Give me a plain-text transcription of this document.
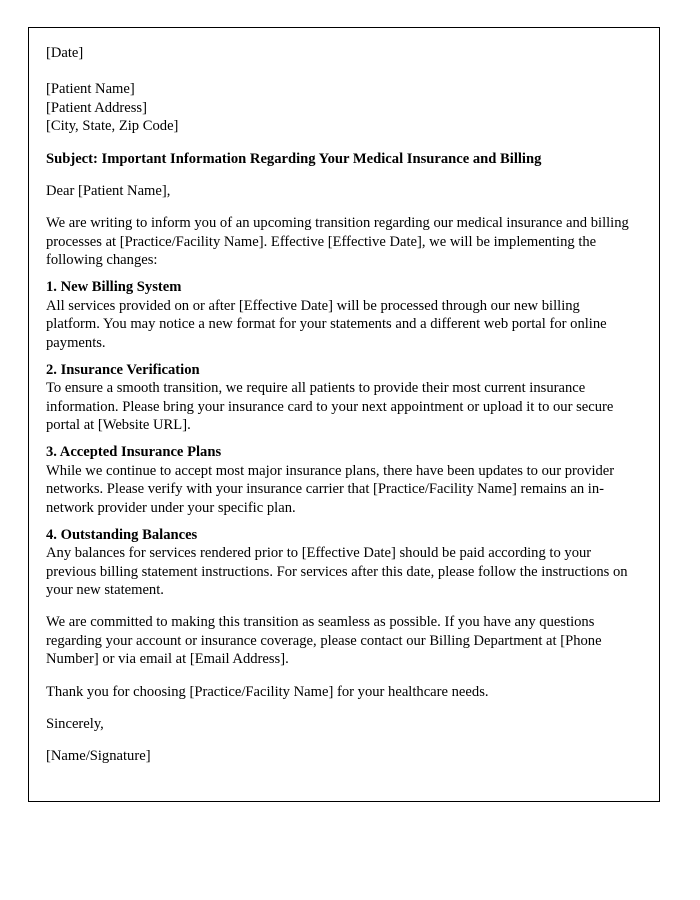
[Date]
[Patient Name]
[Patient Address]
[City, State, Zip Code]
Subject: Important Information Regarding Your Medical Insurance and Billing
Dear [Patient Name],
We are writing to inform you of an upcoming transition regarding our medical insurance and billing processes at [Practice/Facility Name]. Effective [Effective Date], we will be implementing the following changes:
1. New Billing System
All services provided on or after [Effective Date] will be processed through our new billing platform. You may notice a new format for your statements and a different web portal for online payments.
2. Insurance Verification
To ensure a smooth transition, we require all patients to provide their most current insurance information. Please bring your insurance card to your next appointment or upload it to our secure portal at [Website URL].
3. Accepted Insurance Plans
While we continue to accept most major insurance plans, there have been updates to our provider networks. Please verify with your insurance carrier that [Practice/Facility Name] remains an in-network provider under your specific plan.
4. Outstanding Balances
Any balances for services rendered prior to [Effective Date] should be paid according to your previous billing statement instructions. For services after this date, please follow the instructions on your new statement.
We are committed to making this transition as seamless as possible. If you have any questions regarding your account or insurance coverage, please contact our Billing Department at [Phone Number] or via email at [Email Address].
Thank you for choosing [Practice/Facility Name] for your healthcare needs.
Sincerely,
[Name/Signature]
